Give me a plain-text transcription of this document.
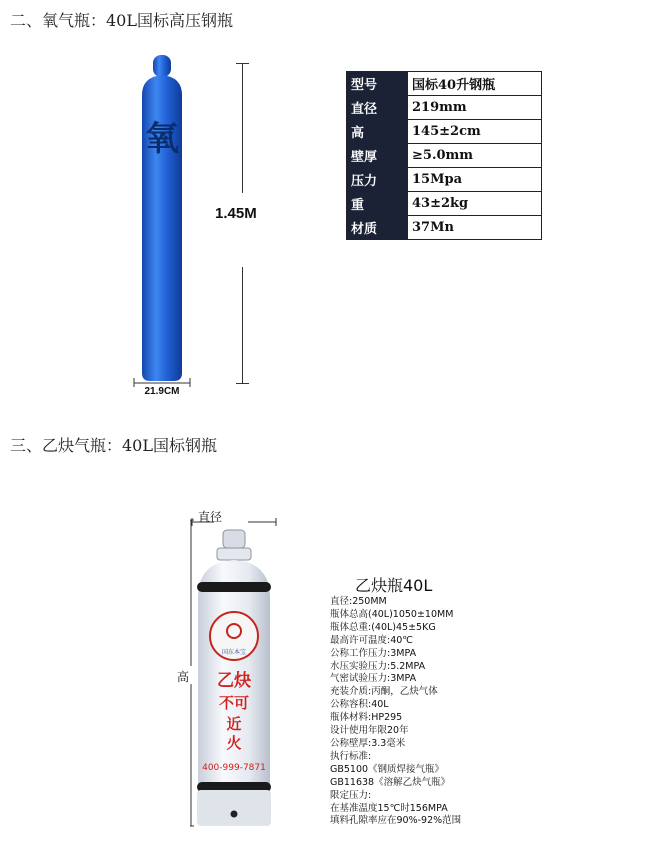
二、氧气瓶：40L国标高压钢瓶
氧
1.45M
21.9CM
型号	国标40升钢瓶
直径	219mm
高	145±2cm
壁厚	≥5.0mm
压力	15Mpa
重	43±2kg
材质	37Mn
三、乙炔气瓶：40L国标钢瓶
国东本宝
乙炔
不可
近
火
400-999-7871
直径
高
乙炔瓶40L
直径:250MM
瓶体总高(40L)1050±10MM
瓶体总重:(40L)45±5KG
最高许可温度:40℃
公称工作压力:3MPA
水压实验压力:5.2MPA
气密试验压力:3MPA
充装介质:丙酮，乙炔气体
公称容积:40L
瓶体材料:HP295
设计使用年限20年
公称壁厚:3.3毫米
执行标准:
GB5100《钢质焊接气瓶》
GB11638《溶解乙炔气瓶》
限定压力:
在基准温度15℃时156MPA
填料孔隙率应在90%-92%范围
